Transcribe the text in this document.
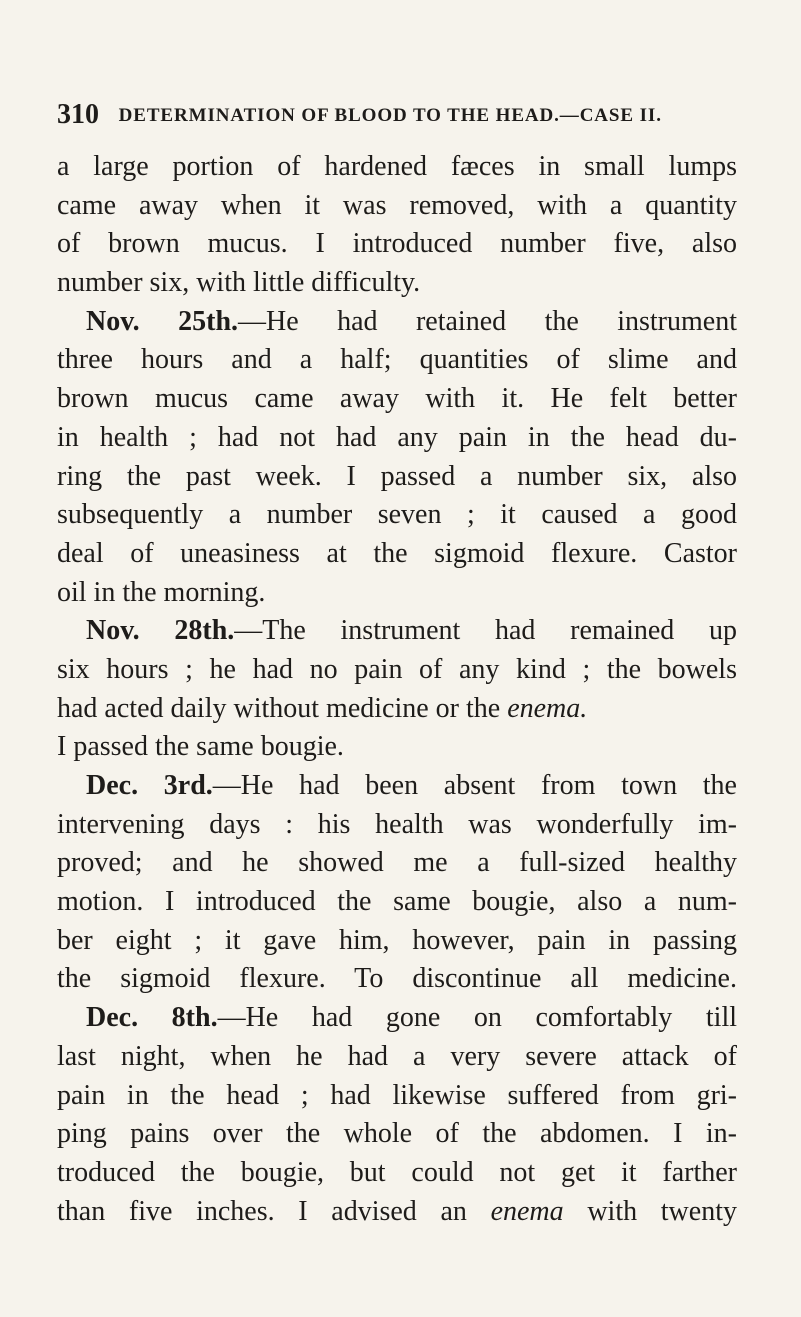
310 DETERMINATION OF BLOOD TO THE HEAD.—CASE II.
a large portion of hardened fæces in small lumps
came away when it was removed, with a quantity
of brown mucus. I introduced number five, also
number six, with little difficulty.
Nov. 25th.—He had retained the instrument
three hours and a half; quantities of slime and
brown mucus came away with it. He felt better
in health ; had not had any pain in the head du-
ring the past week. I passed a number six, also
subsequently a number seven ; it caused a good
deal of uneasiness at the sigmoid flexure. Castor
oil in the morning.
Nov. 28th.—The instrument had remained up
six hours ; he had no pain of any kind ; the bowels
had acted daily without medicine or the enema.
I passed the same bougie.
Dec. 3rd.—He had been absent from town the
intervening days : his health was wonderfully im-
proved; and he showed me a full-sized healthy
motion. I introduced the same bougie, also a num-
ber eight ; it gave him, however, pain in passing
the sigmoid flexure. To discontinue all medicine.
Dec. 8th.—He had gone on comfortably till
last night, when he had a very severe attack of
pain in the head ; had likewise suffered from gri-
ping pains over the whole of the abdomen. I in-
troduced the bougie, but could not get it farther
than five inches. I advised an enema with twenty
